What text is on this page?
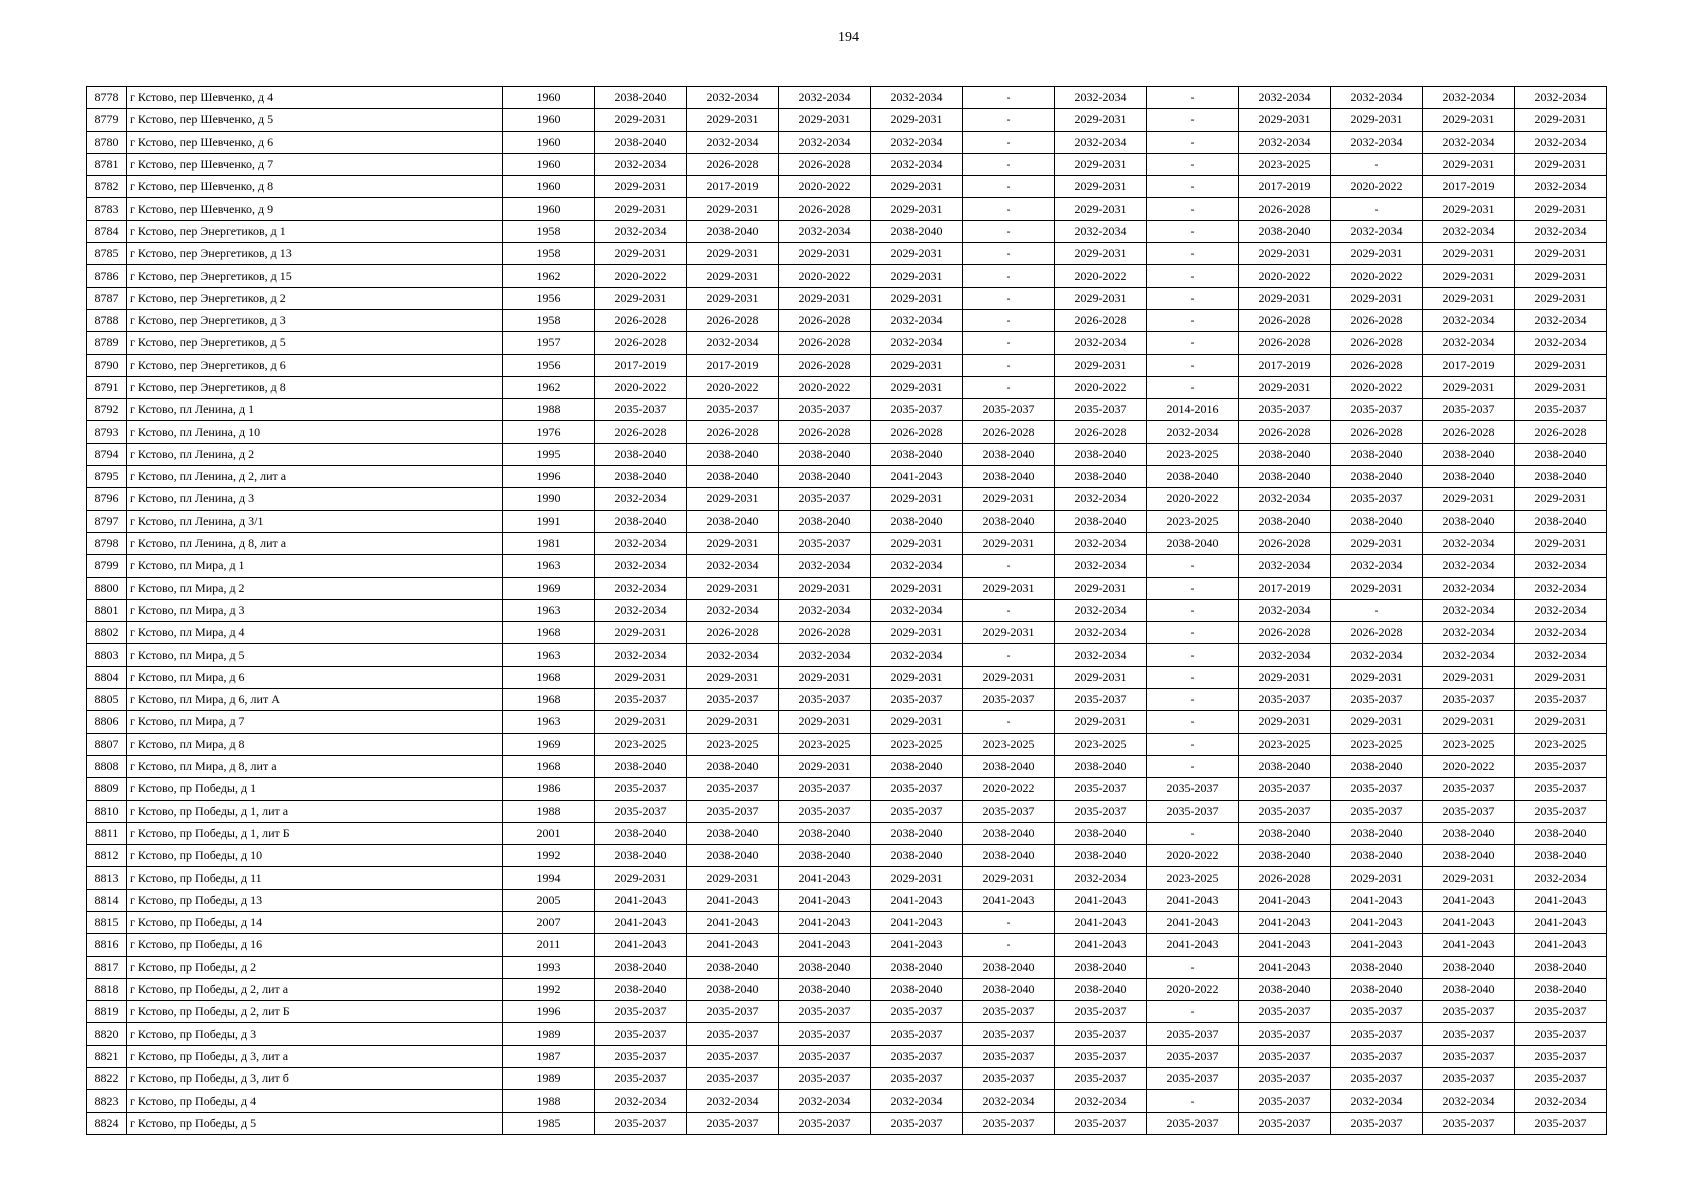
194
8778	г Кстово, пер Шевченко, д 4	1960	2038-2040	2032-2034	2032-2034	2032-2034	-	2032-2034	-	2032-2034	2032-2034	2032-2034	2032-2034
8779	г Кстово, пер Шевченко, д 5	1960	2029-2031	2029-2031	2029-2031	2029-2031	-	2029-2031	-	2029-2031	2029-2031	2029-2031	2029-2031
8780	г Кстово, пер Шевченко, д 6	1960	2038-2040	2032-2034	2032-2034	2032-2034	-	2032-2034	-	2032-2034	2032-2034	2032-2034	2032-2034
8781	г Кстово, пер Шевченко, д 7	1960	2032-2034	2026-2028	2026-2028	2032-2034	-	2029-2031	-	2023-2025	-	2029-2031	2029-2031
8782	г Кстово, пер Шевченко, д 8	1960	2029-2031	2017-2019	2020-2022	2029-2031	-	2029-2031	-	2017-2019	2020-2022	2017-2019	2032-2034
8783	г Кстово, пер Шевченко, д 9	1960	2029-2031	2029-2031	2026-2028	2029-2031	-	2029-2031	-	2026-2028	-	2029-2031	2029-2031
8784	г Кстово, пер Энергетиков, д 1	1958	2032-2034	2038-2040	2032-2034	2038-2040	-	2032-2034	-	2038-2040	2032-2034	2032-2034	2032-2034
8785	г Кстово, пер Энергетиков, д 13	1958	2029-2031	2029-2031	2029-2031	2029-2031	-	2029-2031	-	2029-2031	2029-2031	2029-2031	2029-2031
8786	г Кстово, пер Энергетиков, д 15	1962	2020-2022	2029-2031	2020-2022	2029-2031	-	2020-2022	-	2020-2022	2020-2022	2029-2031	2029-2031
8787	г Кстово, пер Энергетиков, д 2	1956	2029-2031	2029-2031	2029-2031	2029-2031	-	2029-2031	-	2029-2031	2029-2031	2029-2031	2029-2031
8788	г Кстово, пер Энергетиков, д 3	1958	2026-2028	2026-2028	2026-2028	2032-2034	-	2026-2028	-	2026-2028	2026-2028	2032-2034	2032-2034
8789	г Кстово, пер Энергетиков, д 5	1957	2026-2028	2032-2034	2026-2028	2032-2034	-	2032-2034	-	2026-2028	2026-2028	2032-2034	2032-2034
8790	г Кстово, пер Энергетиков, д 6	1956	2017-2019	2017-2019	2026-2028	2029-2031	-	2029-2031	-	2017-2019	2026-2028	2017-2019	2029-2031
8791	г Кстово, пер Энергетиков, д 8	1962	2020-2022	2020-2022	2020-2022	2029-2031	-	2020-2022	-	2029-2031	2020-2022	2029-2031	2029-2031
8792	г Кстово, пл Ленина, д 1	1988	2035-2037	2035-2037	2035-2037	2035-2037	2035-2037	2035-2037	2014-2016	2035-2037	2035-2037	2035-2037	2035-2037
8793	г Кстово, пл Ленина, д 10	1976	2026-2028	2026-2028	2026-2028	2026-2028	2026-2028	2026-2028	2032-2034	2026-2028	2026-2028	2026-2028	2026-2028
8794	г Кстово, пл Ленина, д 2	1995	2038-2040	2038-2040	2038-2040	2038-2040	2038-2040	2038-2040	2023-2025	2038-2040	2038-2040	2038-2040	2038-2040
8795	г Кстово, пл Ленина, д 2, лит а	1996	2038-2040	2038-2040	2038-2040	2041-2043	2038-2040	2038-2040	2038-2040	2038-2040	2038-2040	2038-2040	2038-2040
8796	г Кстово, пл Ленина, д 3	1990	2032-2034	2029-2031	2035-2037	2029-2031	2029-2031	2032-2034	2020-2022	2032-2034	2035-2037	2029-2031	2029-2031
8797	г Кстово, пл Ленина, д 3/1	1991	2038-2040	2038-2040	2038-2040	2038-2040	2038-2040	2038-2040	2023-2025	2038-2040	2038-2040	2038-2040	2038-2040
8798	г Кстово, пл Ленина, д 8, лит а	1981	2032-2034	2029-2031	2035-2037	2029-2031	2029-2031	2032-2034	2038-2040	2026-2028	2029-2031	2032-2034	2029-2031
8799	г Кстово, пл Мира, д 1	1963	2032-2034	2032-2034	2032-2034	2032-2034	-	2032-2034	-	2032-2034	2032-2034	2032-2034	2032-2034
8800	г Кстово, пл Мира, д 2	1969	2032-2034	2029-2031	2029-2031	2029-2031	2029-2031	2029-2031	-	2017-2019	2029-2031	2032-2034	2032-2034
8801	г Кстово, пл Мира, д 3	1963	2032-2034	2032-2034	2032-2034	2032-2034	-	2032-2034	-	2032-2034	-	2032-2034	2032-2034
8802	г Кстово, пл Мира, д 4	1968	2029-2031	2026-2028	2026-2028	2029-2031	2029-2031	2032-2034	-	2026-2028	2026-2028	2032-2034	2032-2034
8803	г Кстово, пл Мира, д 5	1963	2032-2034	2032-2034	2032-2034	2032-2034	-	2032-2034	-	2032-2034	2032-2034	2032-2034	2032-2034
8804	г Кстово, пл Мира, д 6	1968	2029-2031	2029-2031	2029-2031	2029-2031	2029-2031	2029-2031	-	2029-2031	2029-2031	2029-2031	2029-2031
8805	г Кстово, пл Мира, д 6, лит А	1968	2035-2037	2035-2037	2035-2037	2035-2037	2035-2037	2035-2037	-	2035-2037	2035-2037	2035-2037	2035-2037
8806	г Кстово, пл Мира, д 7	1963	2029-2031	2029-2031	2029-2031	2029-2031	-	2029-2031	-	2029-2031	2029-2031	2029-2031	2029-2031
8807	г Кстово, пл Мира, д 8	1969	2023-2025	2023-2025	2023-2025	2023-2025	2023-2025	2023-2025	-	2023-2025	2023-2025	2023-2025	2023-2025
8808	г Кстово, пл Мира, д 8, лит а	1968	2038-2040	2038-2040	2029-2031	2038-2040	2038-2040	2038-2040	-	2038-2040	2038-2040	2020-2022	2035-2037
8809	г Кстово, пр Победы, д 1	1986	2035-2037	2035-2037	2035-2037	2035-2037	2020-2022	2035-2037	2035-2037	2035-2037	2035-2037	2035-2037	2035-2037
8810	г Кстово, пр Победы, д 1, лит а	1988	2035-2037	2035-2037	2035-2037	2035-2037	2035-2037	2035-2037	2035-2037	2035-2037	2035-2037	2035-2037	2035-2037
8811	г Кстово, пр Победы, д 1, лит Б	2001	2038-2040	2038-2040	2038-2040	2038-2040	2038-2040	2038-2040	-	2038-2040	2038-2040	2038-2040	2038-2040
8812	г Кстово, пр Победы, д 10	1992	2038-2040	2038-2040	2038-2040	2038-2040	2038-2040	2038-2040	2020-2022	2038-2040	2038-2040	2038-2040	2038-2040
8813	г Кстово, пр Победы, д 11	1994	2029-2031	2029-2031	2041-2043	2029-2031	2029-2031	2032-2034	2023-2025	2026-2028	2029-2031	2029-2031	2032-2034
8814	г Кстово, пр Победы, д 13	2005	2041-2043	2041-2043	2041-2043	2041-2043	2041-2043	2041-2043	2041-2043	2041-2043	2041-2043	2041-2043	2041-2043
8815	г Кстово, пр Победы, д 14	2007	2041-2043	2041-2043	2041-2043	2041-2043	-	2041-2043	2041-2043	2041-2043	2041-2043	2041-2043	2041-2043
8816	г Кстово, пр Победы, д 16	2011	2041-2043	2041-2043	2041-2043	2041-2043	-	2041-2043	2041-2043	2041-2043	2041-2043	2041-2043	2041-2043
8817	г Кстово, пр Победы, д 2	1993	2038-2040	2038-2040	2038-2040	2038-2040	2038-2040	2038-2040	-	2041-2043	2038-2040	2038-2040	2038-2040
8818	г Кстово, пр Победы, д 2, лит а	1992	2038-2040	2038-2040	2038-2040	2038-2040	2038-2040	2038-2040	2020-2022	2038-2040	2038-2040	2038-2040	2038-2040
8819	г Кстово, пр Победы, д 2, лит Б	1996	2035-2037	2035-2037	2035-2037	2035-2037	2035-2037	2035-2037	-	2035-2037	2035-2037	2035-2037	2035-2037
8820	г Кстово, пр Победы, д 3	1989	2035-2037	2035-2037	2035-2037	2035-2037	2035-2037	2035-2037	2035-2037	2035-2037	2035-2037	2035-2037	2035-2037
8821	г Кстово, пр Победы, д 3, лит а	1987	2035-2037	2035-2037	2035-2037	2035-2037	2035-2037	2035-2037	2035-2037	2035-2037	2035-2037	2035-2037	2035-2037
8822	г Кстово, пр Победы, д 3, лит б	1989	2035-2037	2035-2037	2035-2037	2035-2037	2035-2037	2035-2037	2035-2037	2035-2037	2035-2037	2035-2037	2035-2037
8823	г Кстово, пр Победы, д 4	1988	2032-2034	2032-2034	2032-2034	2032-2034	2032-2034	2032-2034	-	2035-2037	2032-2034	2032-2034	2032-2034
8824	г Кстово, пр Победы, д 5	1985	2035-2037	2035-2037	2035-2037	2035-2037	2035-2037	2035-2037	2035-2037	2035-2037	2035-2037	2035-2037	2035-2037
